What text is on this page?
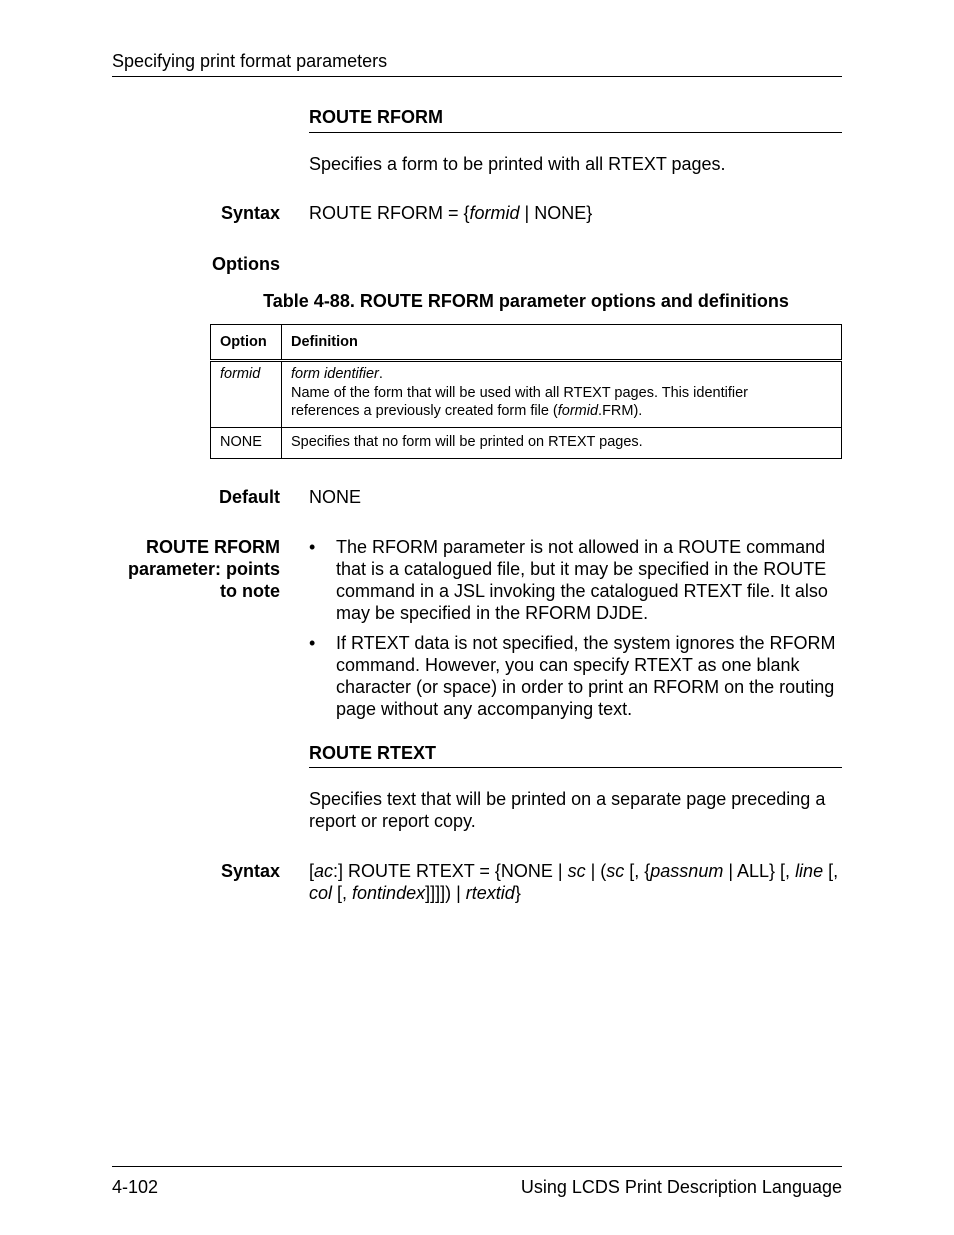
Specifying print format parameters
ROUTE RFORM
Specifies a form to be printed with all RTEXT pages.
Syntax ROUTE RFORM = {formid | NONE}
Options
Table 4-88. ROUTE RFORM parameter options and definitions
Option	Definition
formid	form identifier.
Name of the form that will be used with all RTEXT pages. This identifier
references a previously created form file (formid.FRM).

NONE	Specifies that no form will be printed on RTEXT pages.
Default NONE
ROUTE RFORM
parameter: points
to note
• The RFORM parameter is not allowed in a ROUTE command that is a catalogued file, but it may be specified in the ROUTE command in a JSL invoking the catalogued RTEXT file. It also may be specified in the RFORM DJDE.
• If RTEXT data is not specified, the system ignores the RFORM command. However, you can specify RTEXT as one blank character (or space) in order to print an RFORM on the routing page without any accompanying text.
ROUTE RTEXT
Specifies text that will be printed on a separate page preceding a report or report copy.
Syntax [ac:] ROUTE RTEXT = {NONE | sc | (sc [, {passnum | ALL} [, line [, col [, fontindex]]]]) | rtextid}
4-102	Using LCDS Print Description Language
